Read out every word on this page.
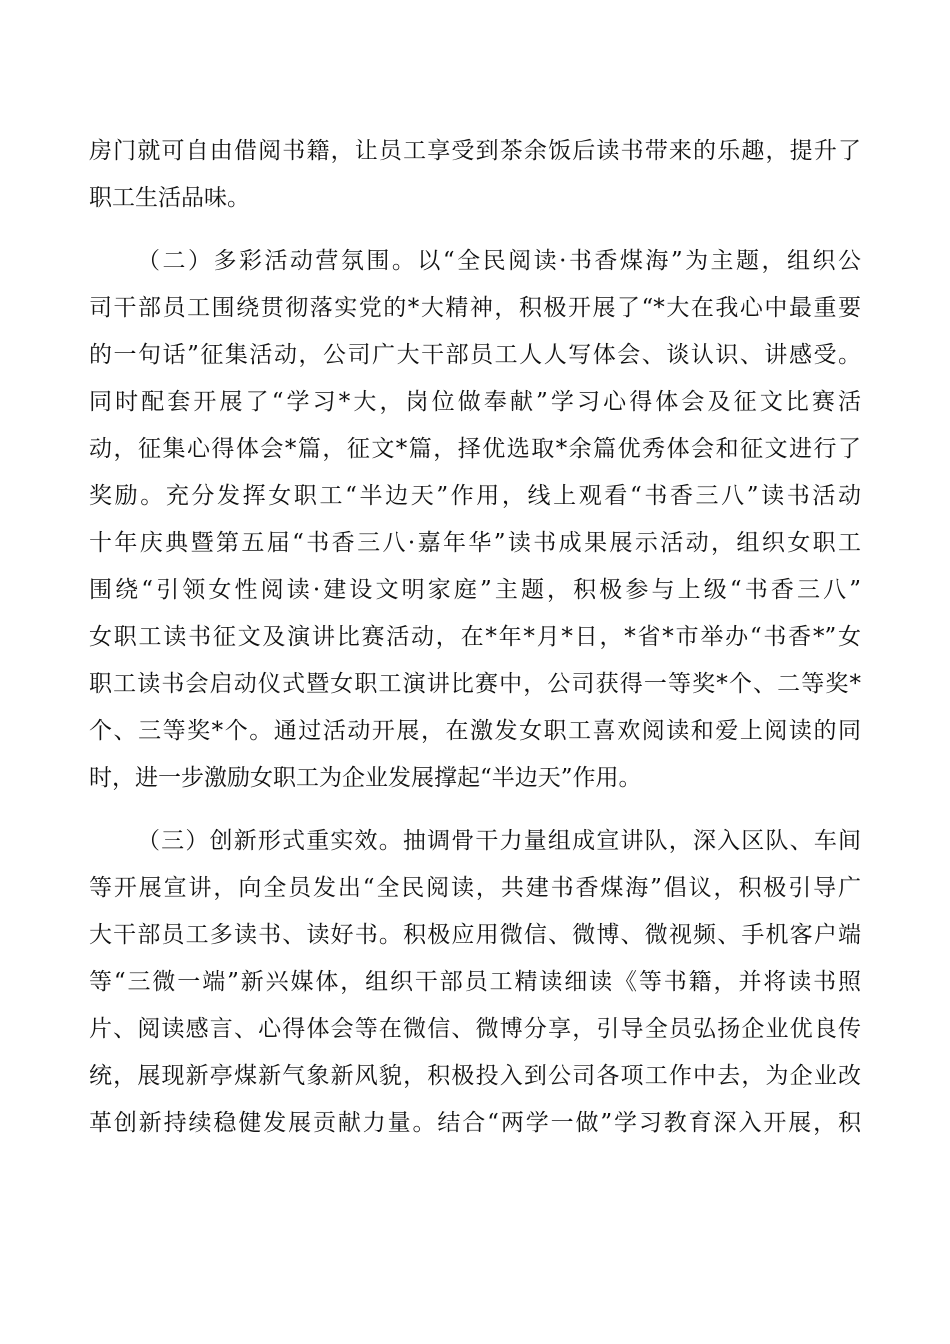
房门就可自由借阅书籍，让员工享受到茶余饭后读书带来的乐趣，提升了
职工生活品味。
（二）多彩活动营氛围。以“全民阅读·书香煤海”为主题，组织公
司干部员工围绕贯彻落实党的*大精神，积极开展了“*大在我心中最重要
的一句话”征集活动，公司广大干部员工人人写体会、谈认识、讲感受。
同时配套开展了“学习*大，岗位做奉献”学习心得体会及征文比赛活
动，征集心得体会*篇，征文*篇，择优选取*余篇优秀体会和征文进行了
奖励。充分发挥女职工“半边天”作用，线上观看“书香三八”读书活动
十年庆典暨第五届“书香三八·嘉年华”读书成果展示活动，组织女职工
围绕“引领女性阅读·建设文明家庭”主题，积极参与上级“书香三八”
女职工读书征文及演讲比赛活动，在*年*月*日，*省*市举办“书香*”女
职工读书会启动仪式暨女职工演讲比赛中，公司获得一等奖*个、二等奖*
个、三等奖*个。通过活动开展，在激发女职工喜欢阅读和爱上阅读的同
时，进一步激励女职工为企业发展撑起“半边天”作用。
（三）创新形式重实效。抽调骨干力量组成宣讲队，深入区队、车间
等开展宣讲，向全员发出“全民阅读，共建书香煤海”倡议，积极引导广
大干部员工多读书、读好书。积极应用微信、微博、微视频、手机客户端
等“三微一端”新兴媒体，组织干部员工精读细读《等书籍，并将读书照
片、阅读感言、心得体会等在微信、微博分享，引导全员弘扬企业优良传
统，展现新亭煤新气象新风貌，积极投入到公司各项工作中去，为企业改
革创新持续稳健发展贡献力量。结合“两学一做”学习教育深入开展，积
